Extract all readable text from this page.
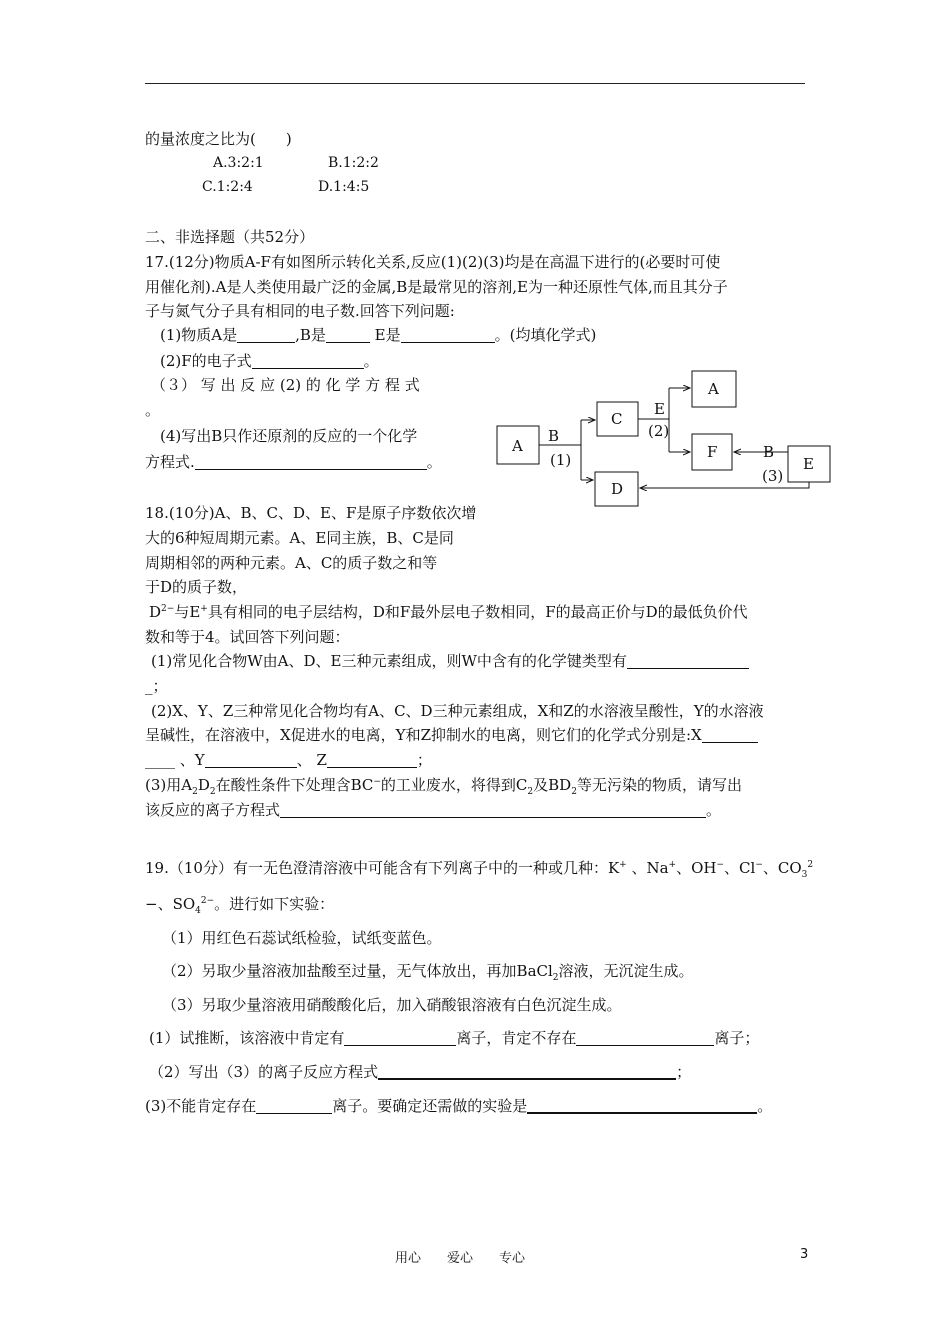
的量浓度之比为(　　)
A.3:2:1	B.1:2:2
C.1:2:4	D.1:4:5
二、非选择题（共52分）
17.(12分)物质A-F有如图所示转化关系,反应(1)(2)(3)均是在高温下进行的(必要时可使
用催化剂).A是人类使用最广泛的金属,B是最常见的溶剂,E为一种还原性气体,而且其分子
子与氮气分子具有相同的电子数.回答下列问题:
(1)物质A是	,B是	E是	。(均填化学式)
(2)F的电子式	。
（３） 写 出 反 应 (2) 的 化 学 方 程 式
。
(4)写出B只作还原剂的反应的一个化学
方程式.	。
A
C
D
A
F
E
B
(1)
E
(2)
B
(3)
18.(10分)A、B、C、D、E、F是原子序数依次增
大的6种短周期元素。A、E同主族，B、C是同
周期相邻的两种元素。A、C的质子数之和等
于D的质子数，
$D^{2-}$与E+具有相同的电子层结构，D和F最外层电子数相同，F的最高正价与D的最低负价代
数和等于4。试回答下列问题：
(1)常见化合物W由A、D、E三种元素组成，则W中含有的化学键类型有
_；
(2)X、Y、Z三种常见化合物均有A、C、D三种元素组成，X和Z的水溶液呈酸性，Y的水溶液
呈碱性，在溶液中，X促进水的电离，Y和Z抑制水的电离，则它们的化学式分别是:X
____ 、Y	、 Z	；
(3)用$A_2D_2$在酸性条件下处理含BC−的工业废水，将得到$C_2$及$BD_2$等无污染的物质，请写出
该反应的离子方程式	。
19.（10分）有一无色澄清溶液中可能含有下列离子中的一种或几种：K+ 、Na+、OH−、Cl−、$CO_3^2$
−、$SO_4^{2-}$。进行如下实验：
（1）用红色石蕊试纸检验，试纸变蓝色。
（2）另取少量溶液加盐酸至过量，无气体放出，再加BaCl$_2$溶液，无沉淀生成。
（3）另取少量溶液用硝酸酸化后，加入硝酸银溶液有白色沉淀生成。
(1）试推断，该溶液中肯定有	离子，肯定不存在	离子；
（2）写出（3）的离子反应方程式	；
(3)不能肯定存在	离子。要确定还需做的实验是	。
用心　　爱心　　专心	3
